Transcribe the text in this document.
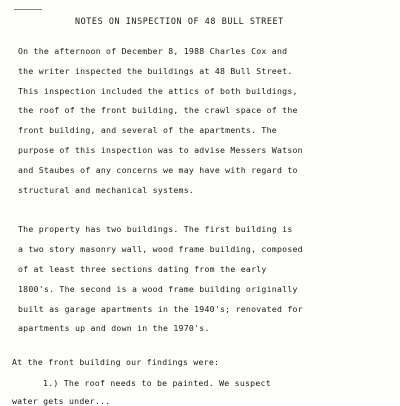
NOTES ON INSPECTION OF 48 BULL STREET
On the afternoon of December 8, 1988 Charles Cox and
the writer inspected the buildings at 48 Bull Street.
This inspection included the attics of both buildings,
the roof of the front building, the crawl space of the
front building, and several of the apartments. The
purpose of this inspection was to advise Messers Watson
and Staubes of any concerns we may have with regard to
structural and mechanical systems.
The property has two buildings. The first building is
a two story masonry wall, wood frame building, composed
of at least three sections dating from the early
1800's. The second is a wood frame building originally
built as garage apartments in the 1940's; renovated for
apartments up and down in the 1970's.
At the front building our findings were:
1.) The roof needs to be painted. We suspect
water gets under...
